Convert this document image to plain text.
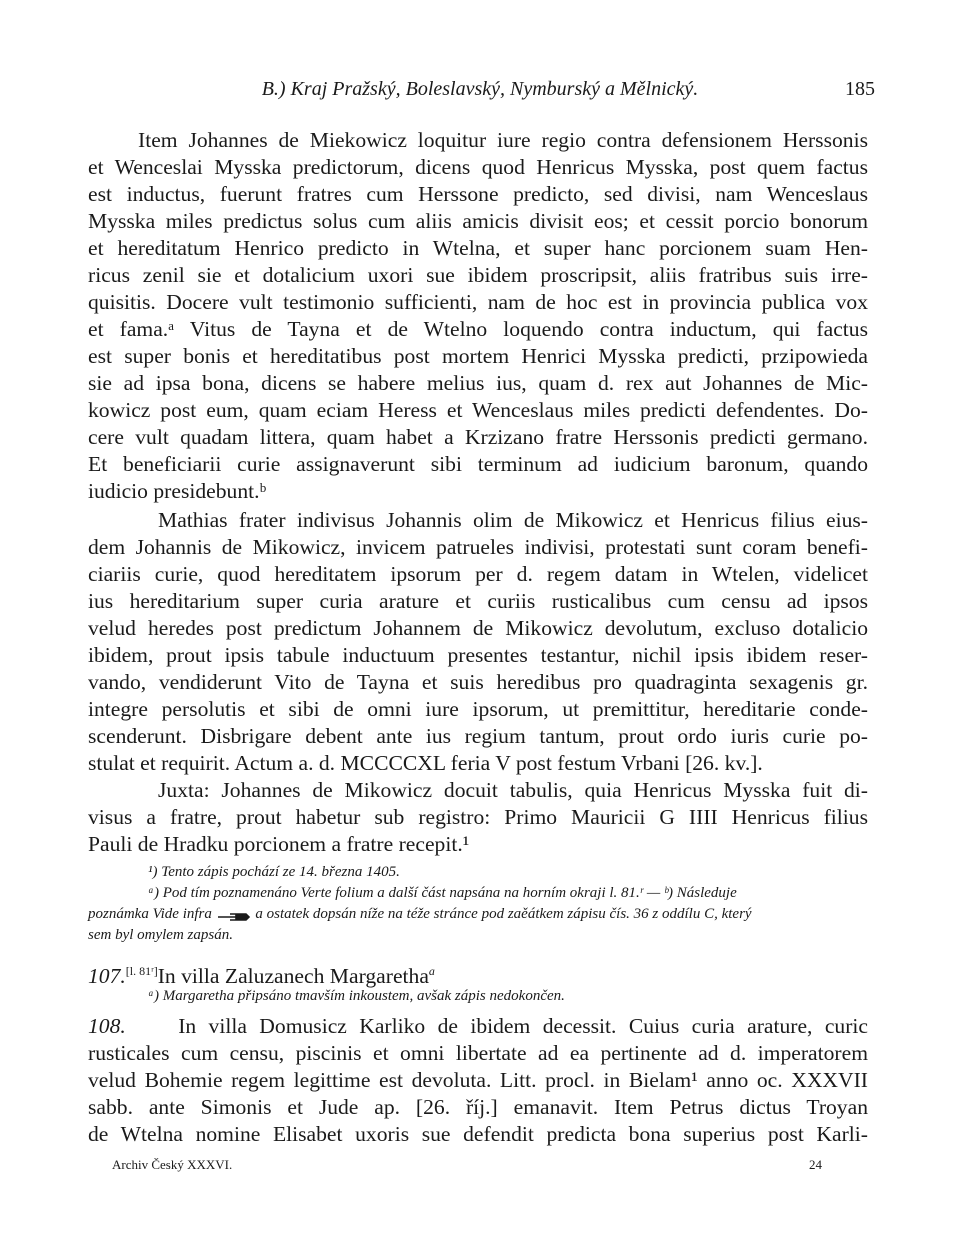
B.) Kraj Pražský, Boleslavský, Nymburský a Mělnický.	185
Item Johannes de Miekowicz loquitur iure regio contra defensionem Herssonis
et Wenceslai Mysska predictorum, dicens quod Henricus Mysska, post quem factus
est inductus, fuerunt fratres cum Herssone predicto, sed divisi, nam Wenceslaus
Mysska miles predictus solus cum aliis amicis divisit eos; et cessit porcio bonorum
et hereditatum Henrico predicto in Wtelna, et super hanc porcionem suam Hen-
ricus zenil sie et dotalicium uxori sue ibidem proscripsit, aliis fratribus suis irre-
quisitis. Docere vult testimonio sufficienti, nam de hoc est in provincia publica vox
et fama.ᵃ Vitus de Tayna et de Wtelno loquendo contra inductum, qui factus
est super bonis et hereditatibus post mortem Henrici Mysska predicti, przipowieda
sie ad ipsa bona, dicens se habere melius ius, quam d. rex aut Johannes de Mic-
kowicz post eum, quam eciam Heress et Wenceslaus miles predicti defendentes. Do-
cere vult quadam littera, quam habet a Krzizano fratre Herssonis predicti germano.
Et beneficiarii curie assignaverunt sibi terminum ad iudicium baronum, quando
iudicio presidebunt.ᵇ
Mathias frater indivisus Johannis olim de Mikowicz et Henricus filius eius-
dem Johannis de Mikowicz, invicem patrueles indivisi, protestati sunt coram benefi-
ciariis curie, quod hereditatem ipsorum per d. regem datam in Wtelen, videlicet
ius hereditarium super curia arature et curiis rusticalibus cum censu ad ipsos
velud heredes post predictum Johannem de Mikowicz devolutum, excluso dotalicio
ibidem, prout ipsis tabule inductuum presentes testantur, nichil ipsis ibidem reser-
vando, vendiderunt Vito de Tayna et suis heredibus pro quadraginta sexagenis gr.
integre persolutis et sibi de omni iure ipsorum, ut premittitur, hereditarie conde-
scenderunt. Disbrigare debent ante ius regium tantum, prout ordo iuris curie po-
stulat et requirit. Actum a. d. MCCCCXL feria V post festum Vrbani [26. kv.].
Juxta: Johannes de Mikowicz docuit tabulis, quia Henricus Mysska fuit di-
visus a fratre, prout habetur sub registro: Primo Mauricii G IIII Henricus filius
Pauli de Hradku porcionem a fratre recepit.¹
¹) Tento zápis pochází ze 14. března 1405.
ᵃ) Pod tím poznamenáno Verte folium a další část napsána na horním okraji l. 81.ʳ — ᵇ) Následuje
poznámka Vide infra	a ostatek dopsán níže na téže stránce pod zaěátkem zápisu čís. 36 z oddílu C, který
sem byl omylem zapsán.
107.[l. 81ʳ]In villa Zaluzanech Margaretha$^a$
ᵃ) Margaretha připsáno tmavším inkoustem, avšak zápis nedokončen.
108. In villa Domusicz Karliko de ibidem decessit. Cuius curia arature, curic
rusticales cum censu, piscinis et omni libertate ad ea pertinente ad d. imperatorem
velud Bohemie regem legittime est devoluta. Litt. procl. in Bielam¹ anno oc. XXXVII
sabb. ante Simonis et Jude ap. [26. říj.] emanavit. Item Petrus dictus Troyan
de Wtelna nomine Elisabet uxoris sue defendit predicta bona superius post Karli-
Archiv Český XXXVI.	24
